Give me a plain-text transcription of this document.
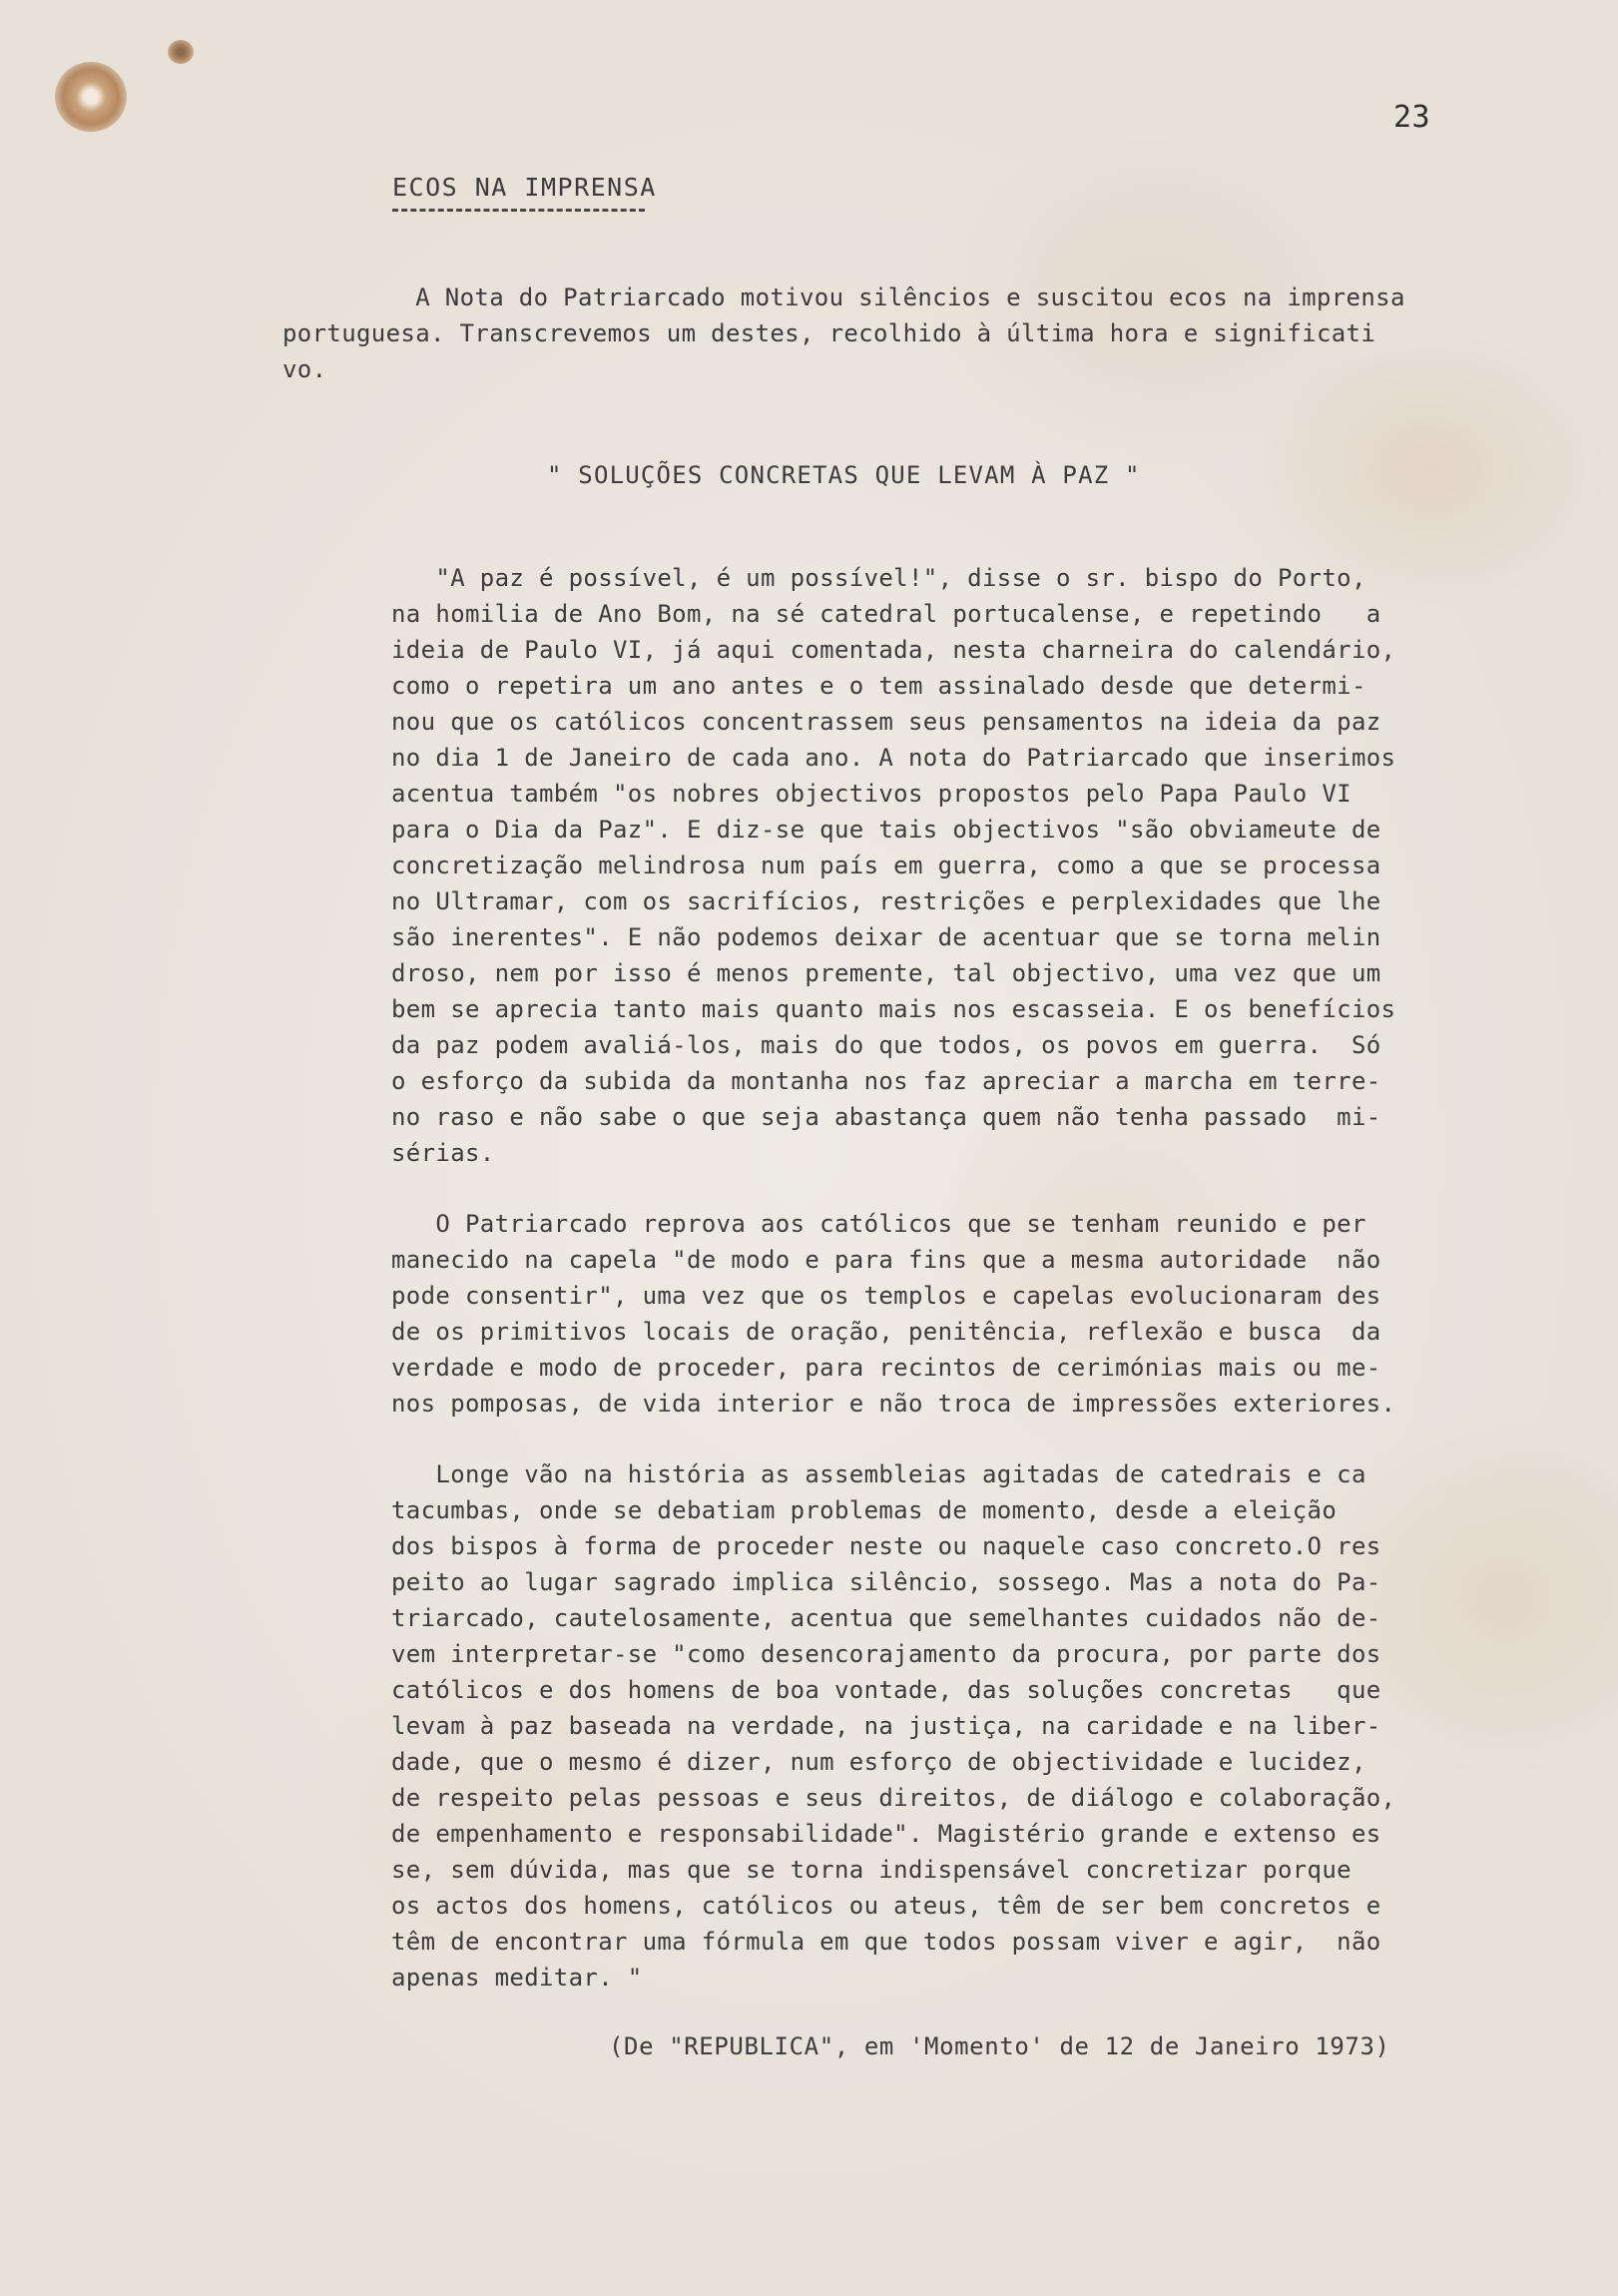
23

ECOS NA IMPRENSA

A Nota do Patriarcado motivou silêncios e suscitou ecos na imprensa
portuguesa. Transcrevemos um destes, recolhido à última hora e significati
vo.

" SOLUÇÕES CONCRETAS QUE LEVAM À PAZ "

"A paz é possível, é um possível!", disse o sr. bispo do Porto,
na homilia de Ano Bom, na sé catedral portucalense, e repetindo   a
ideia de Paulo VI, já aqui comentada, nesta charneira do calendário,
como o repetira um ano antes e o tem assinalado desde que determi-
nou que os católicos concentrassem seus pensamentos na ideia da paz
no dia 1 de Janeiro de cada ano. A nota do Patriarcado que inserimos
acentua também "os nobres objectivos propostos pelo Papa Paulo VI
para o Dia da Paz". E diz-se que tais objectivos "são obviameute de
concretização melindrosa num país em guerra, como a que se processa
no Ultramar, com os sacrifícios, restrições e perplexidades que lhe
são inerentes". E não podemos deixar de acentuar que se torna melin
droso, nem por isso é menos premente, tal objectivo, uma vez que um
bem se aprecia tanto mais quanto mais nos escasseia. E os benefícios
da paz podem avaliá-los, mais do que todos, os povos em guerra.  Só
o esforço da subida da montanha nos faz apreciar a marcha em terre-
no raso e não sabe o que seja abastança quem não tenha passado  mi-
sérias.
O Patriarcado reprova aos católicos que se tenham reunido e per
manecido na capela "de modo e para fins que a mesma autoridade  não
pode consentir", uma vez que os templos e capelas evolucionaram des
de os primitivos locais de oração, penitência, reflexão e busca  da
verdade e modo de proceder, para recintos de cerimónias mais ou me-
nos pomposas, de vida interior e não troca de impressões exteriores.
Longe vão na história as assembleias agitadas de catedrais e ca
tacumbas, onde se debatiam problemas de momento, desde a eleição
dos bispos à forma de proceder neste ou naquele caso concreto.O res
peito ao lugar sagrado implica silêncio, sossego. Mas a nota do Pa-
triarcado, cautelosamente, acentua que semelhantes cuidados não de-
vem interpretar-se "como desencorajamento da procura, por parte dos
católicos e dos homens de boa vontade, das soluções concretas   que
levam à paz baseada na verdade, na justiça, na caridade e na liber-
dade, que o mesmo é dizer, num esforço de objectividade e lucidez,
de respeito pelas pessoas e seus direitos, de diálogo e colaboração,
de empenhamento e responsabilidade". Magistério grande e extenso es
se, sem dúvida, mas que se torna indispensável concretizar porque
os actos dos homens, católicos ou ateus, têm de ser bem concretos e
têm de encontrar uma fórmula em que todos possam viver e agir,  não
apenas meditar. "

(De "REPUBLICA", em 'Momento' de 12 de Janeiro 1973)
